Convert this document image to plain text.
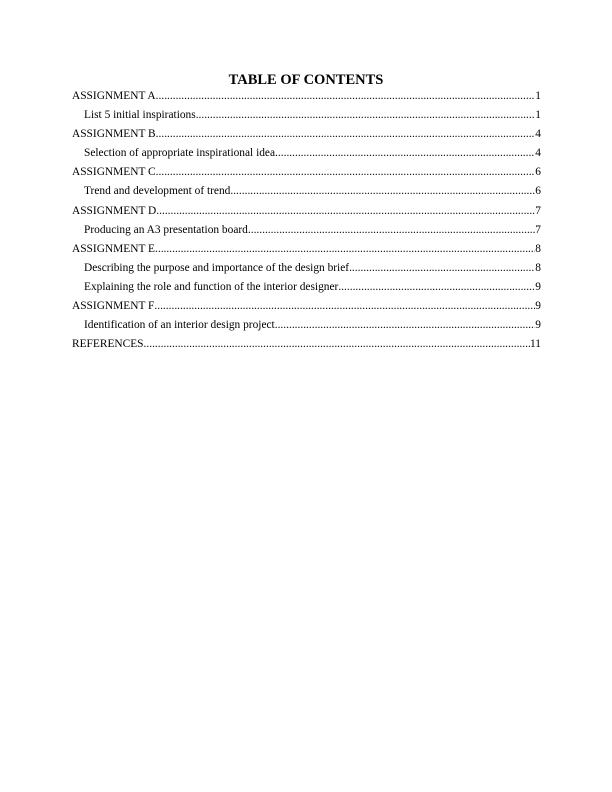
TABLE OF CONTENTS
ASSIGNMENT A .....	1
List 5 initial inspirations .....	1
ASSIGNMENT B .....	4
Selection of appropriate inspirational idea .....	4
ASSIGNMENT C .....	6
Trend and development of trend .....	6
ASSIGNMENT D .....	7
Producing an A3 presentation board .....	7
ASSIGNMENT E .....	8
Describing the purpose and importance of the design brief .....	8
Explaining the role and function of the interior designer .....	9
ASSIGNMENT F .....	9
Identification of an interior design project .....	9
REFERENCES .....	11
